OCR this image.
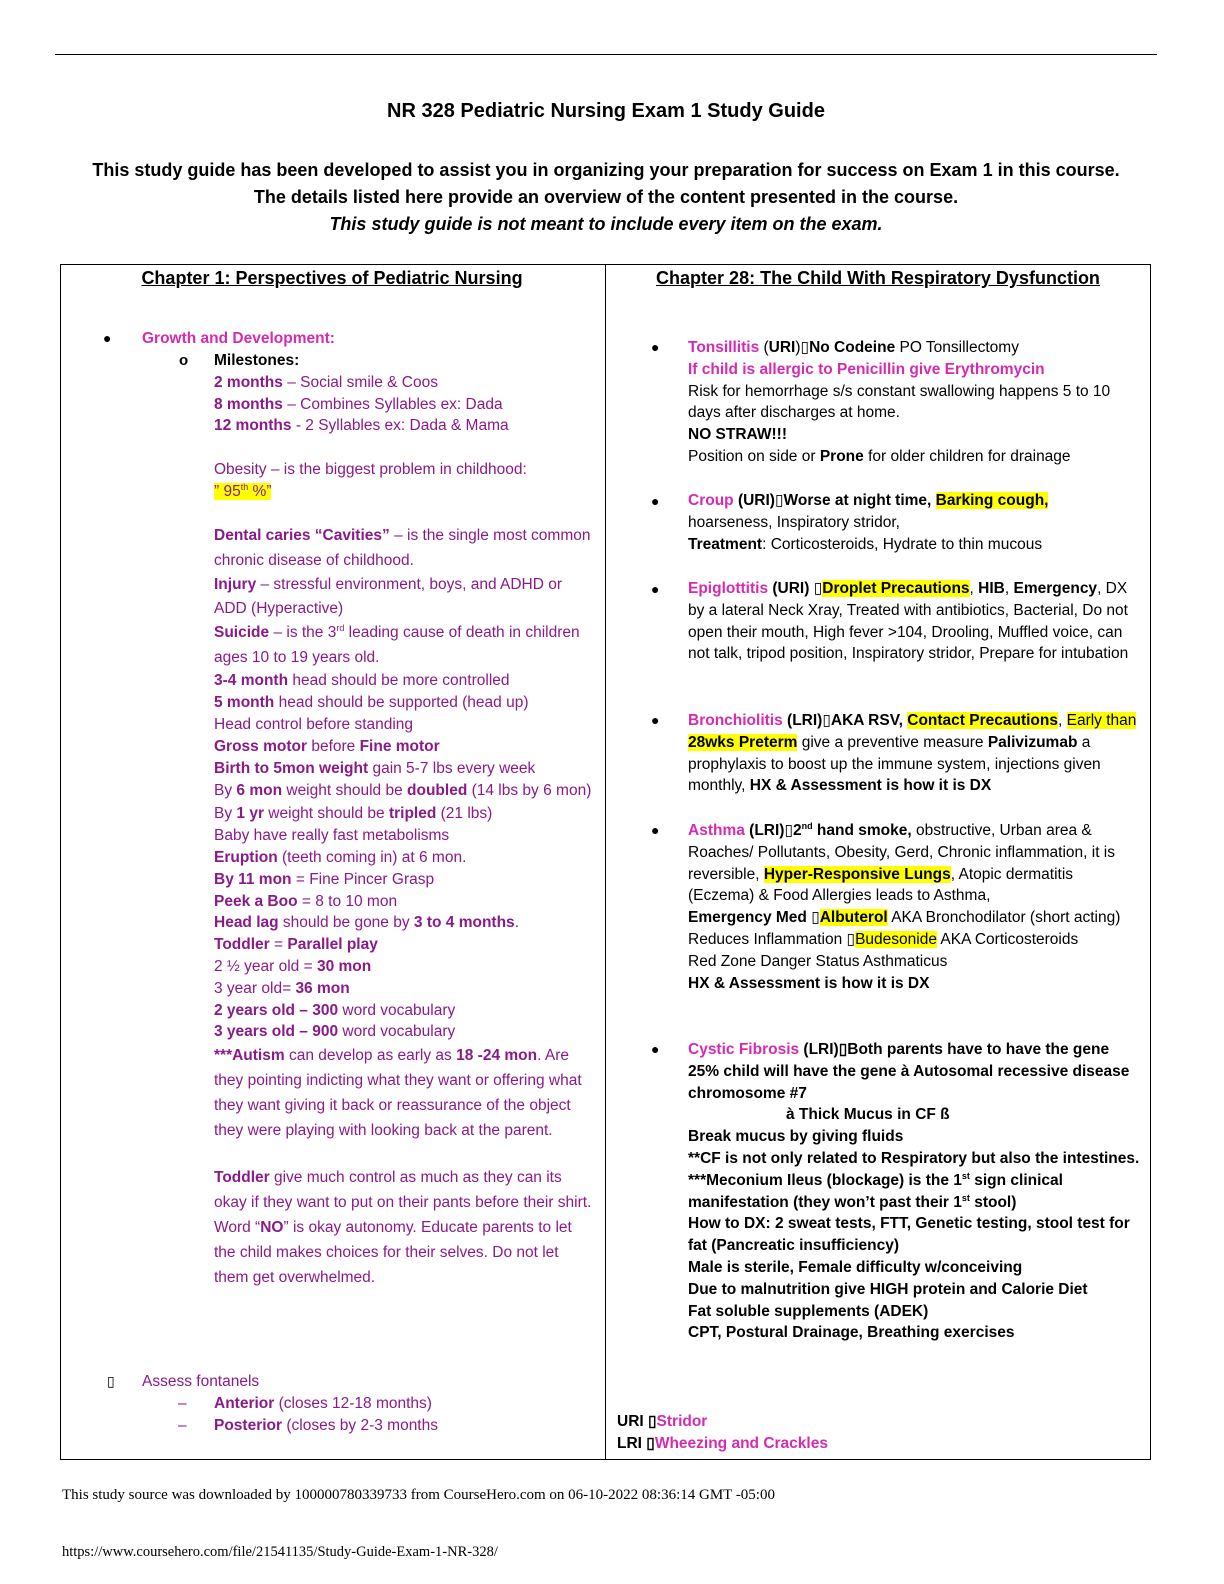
NR 328 Pediatric Nursing Exam 1 Study Guide
This study guide has been developed to assist you in organizing your preparation for success on Exam 1 in this course.
The details listed here provide an overview of the content presented in the course.
This study guide is not meant to include every item on the exam.
Chapter 1: Perspectives of Pediatric Nursing
● Growth and Development:
o Milestones:
2 months – Social smile & Coos
8 months – Combines Syllables ex: Dada
12 months - 2 Syllables ex: Dada & Mama
Obesity – is the biggest problem in childhood:
” 95th %”
Dental caries “Cavities” – is the single most common chronic disease of childhood.
Injury – stressful environment, boys, and ADHD or ADD (Hyperactive)
Suicide – is the 3rd leading cause of death in children ages 10 to 19 years old.
3-4 month head should be more controlled
5 month head should be supported (head up)
Head control before standing
Gross motor before Fine motor
Birth to 5mon weight gain 5-7 lbs every week
By 6 mon weight should be doubled (14 lbs by 6 mon)
By 1 yr weight should be tripled (21 lbs)
Baby have really fast metabolisms
Eruption (teeth coming in) at 6 mon.
By 11 mon = Fine Pincer Grasp
Peek a Boo = 8 to 10 mon
Head lag should be gone by 3 to 4 months.
Toddler = Parallel play
2 ½ year old = 30 mon
3 year old= 36 mon
2 years old – 300 word vocabulary
3 years old – 900 word vocabulary
***Autism can develop as early as 18 -24 mon. Are they pointing indicting what they want or offering what they want giving it back or reassurance of the object they were playing with looking back at the parent.
Toddler give much control as much as they can its okay if they want to put on their pants before their shirt. Word “NO” is okay autonomy. Educate parents to let the child makes choices for their selves. Do not let them get overwhelmed.
▯ Assess fontanels
– Anterior (closes 12-18 months)
– Posterior (closes by 2-3 months
Chapter 28: The Child With Respiratory Dysfunction
● Tonsillitis (URI)▯No Codeine PO Tonsillectomy
If child is allergic to Penicillin give Erythromycin
Risk for hemorrhage s/s constant swallowing happens 5 to 10 days after discharges at home.
NO STRAW!!!
Position on side or Prone for older children for drainage
● Croup (URI)▯Worse at night time, Barking cough,
hoarseness, Inspiratory stridor,
Treatment: Corticosteroids, Hydrate to thin mucous
● Epiglottitis (URI) ▯Droplet Precautions, HIB, Emergency, DX by a lateral Neck Xray, Treated with antibiotics, Bacterial, Do not open their mouth, High fever >104, Drooling, Muffled voice, can not talk, tripod position, Inspiratory stridor, Prepare for intubation
● Bronchiolitis (LRI)▯AKA RSV, Contact Precautions, Early than 28wks Preterm give a preventive measure Palivizumab a prophylaxis to boost up the immune system, injections given monthly, HX & Assessment is how it is DX
● Asthma (LRI)▯2nd hand smoke, obstructive, Urban area & Roaches/ Pollutants, Obesity, Gerd, Chronic inflammation, it is reversible, Hyper-Responsive Lungs, Atopic dermatitis (Eczema) & Food Allergies leads to Asthma,
Emergency Med ▯Albuterol AKA Bronchodilator (short acting)
Reduces Inflammation ▯Budesonide AKA Corticosteroids
Red Zone Danger Status Asthmaticus
HX & Assessment is how it is DX
● Cystic Fibrosis (LRI)▯Both parents have to have the gene
25% child will have the gene à Autosomal recessive disease chromosome #7
à Thick Mucus in CF ß
Break mucus by giving fluids
**CF is not only related to Respiratory but also the intestines.
***Meconium Ileus (blockage) is the 1st sign clinical manifestation (they won’t past their 1st stool)
How to DX: 2 sweat tests, FTT, Genetic testing, stool test for fat (Pancreatic insufficiency)
Male is sterile, Female difficulty w/conceiving
Due to malnutrition give HIGH protein and Calorie Diet
Fat soluble supplements (ADEK)
CPT, Postural Drainage, Breathing exercises
URI ▯Stridor
LRI ▯Wheezing and Crackles
This study source was downloaded by 100000780339733 from CourseHero.com on 06-10-2022 08:36:14 GMT -05:00
https://www.coursehero.com/file/21541135/Study-Guide-Exam-1-NR-328/
